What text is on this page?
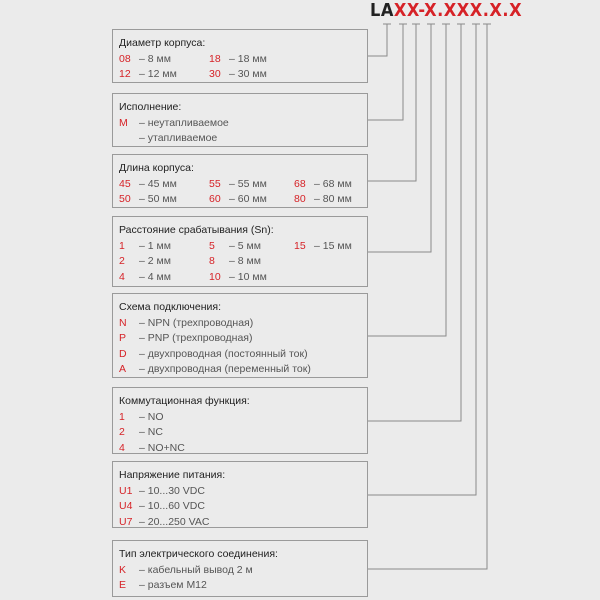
LAXX-X.XXX.X.X
Диаметр корпуса:
08 – 8 мм	18 – 18 мм
12 – 12 мм	30 – 30 мм
Исполнение:
M – неутапливаемое
– утапливаемое
Длина корпуса:
45 – 45 мм	55 – 55 мм	68 – 68 мм
50 – 50 мм	60 – 60 мм	80 – 80 мм
Расстояние срабатывания (Sn):
1 – 1 мм	5 – 5 мм	15 – 15 мм
2 – 2 мм	8 – 8 мм
4 – 4 мм	10 – 10 мм
Схема подключения:
N – NPN (трехпроводная)
P – PNP (трехпроводная)
D – двухпроводная (постоянный ток)
A – двухпроводная (переменный ток)
Коммутационная функция:
1 – NO
2 – NC
4 – NO+NC
Напряжение питания:
U1 – 10...30 VDC
U4 – 10...60 VDC
U7 – 20...250 VAC
Тип электрического соединения:
K – кабельный вывод 2 м
E – разъем M12
